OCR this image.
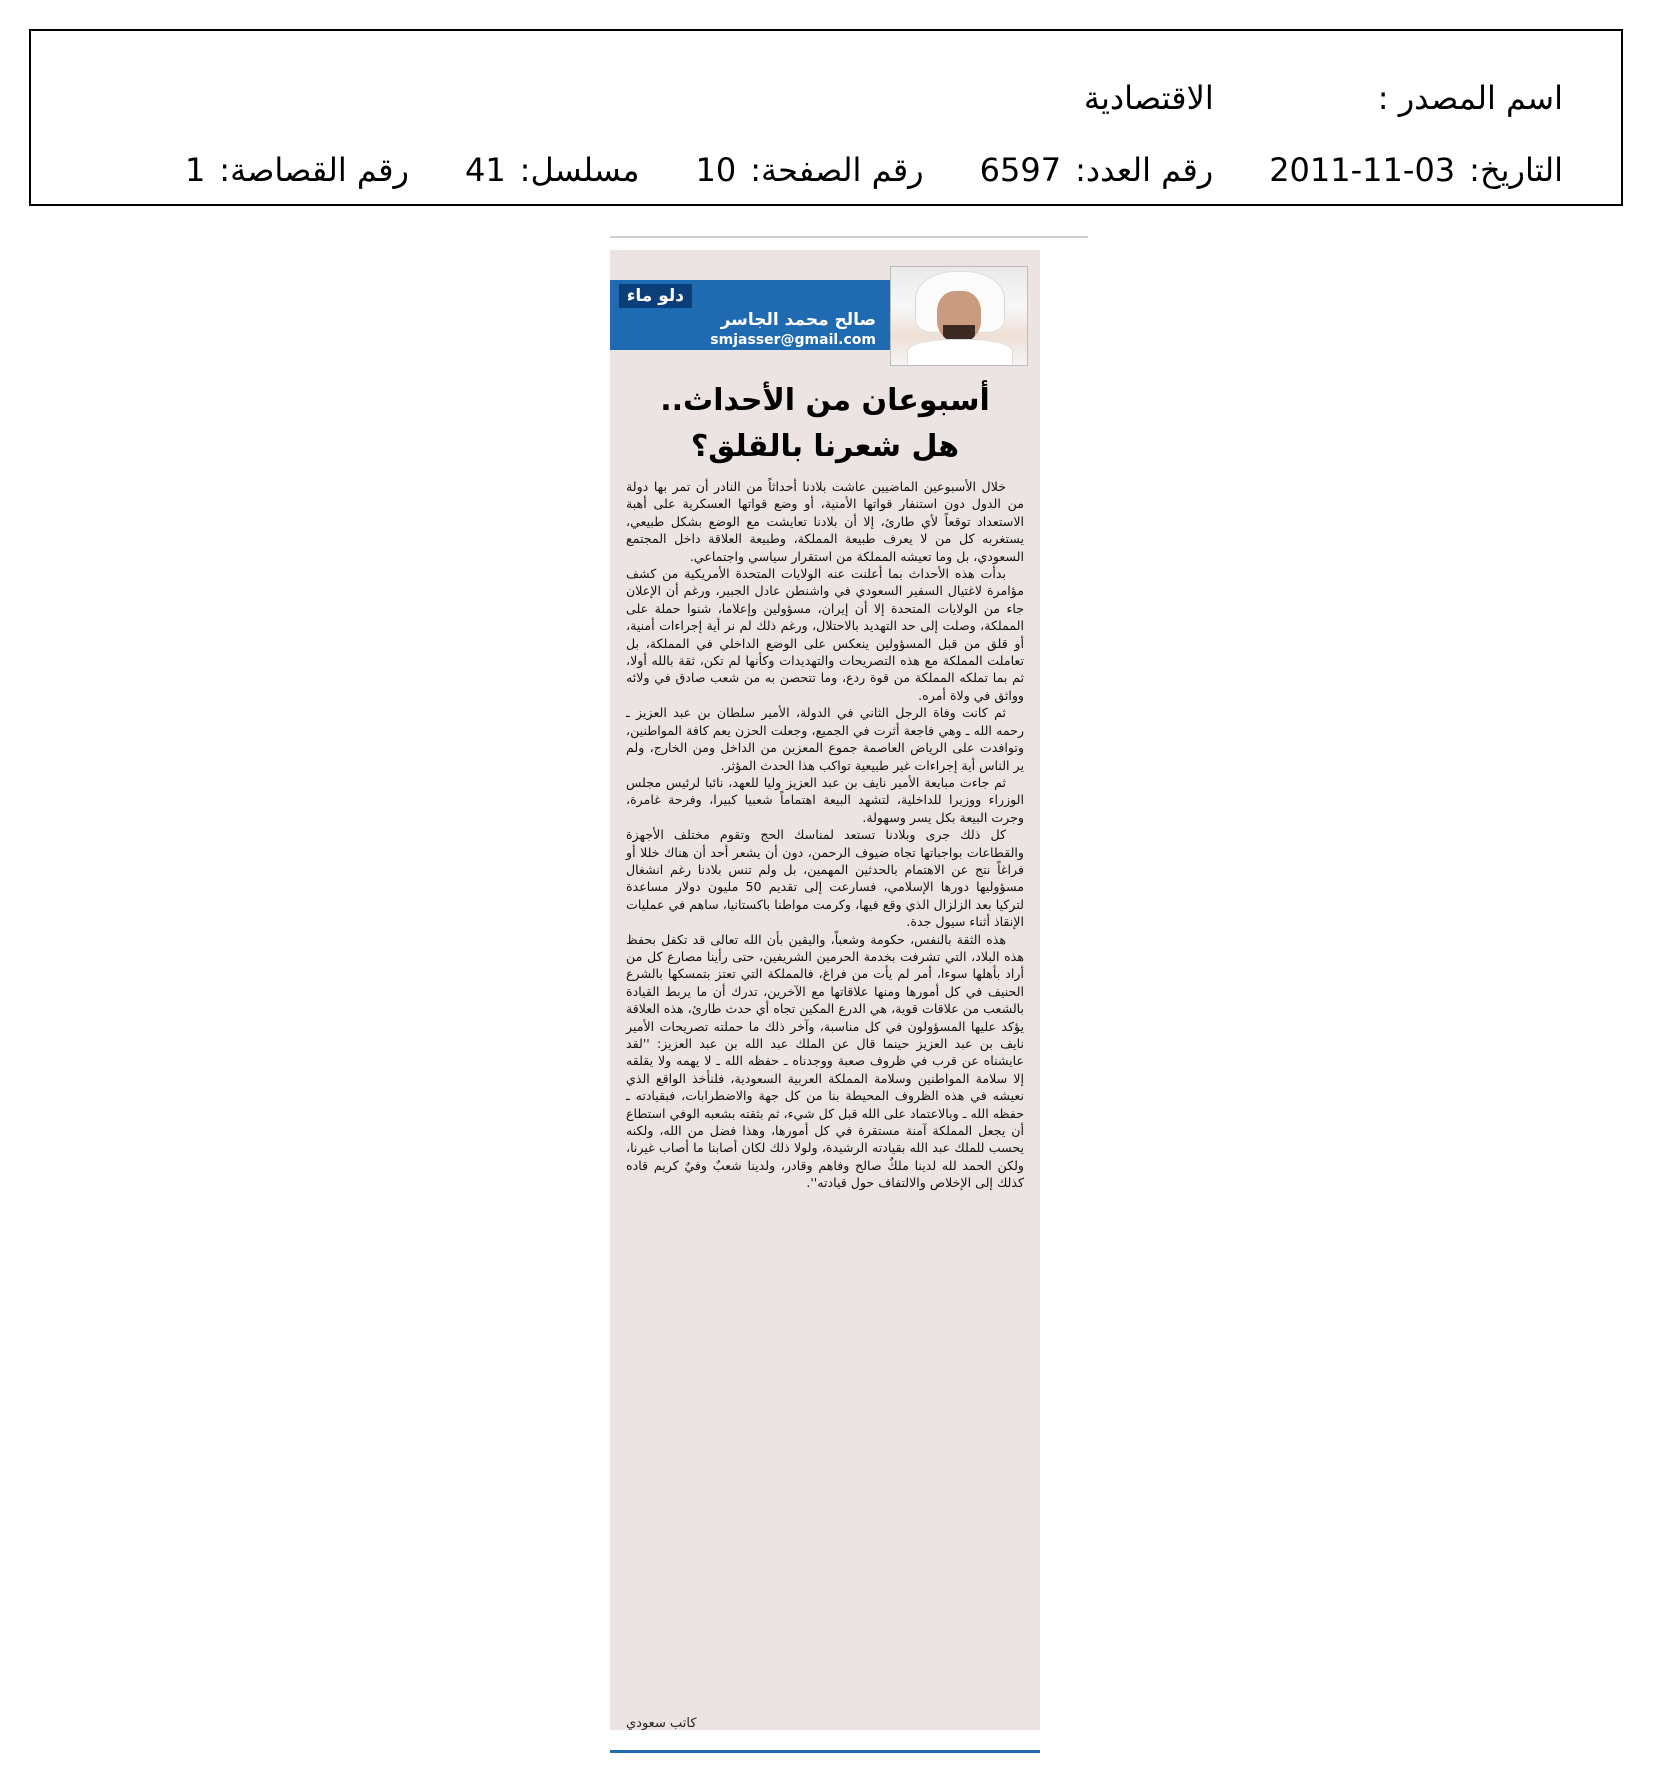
اسم المصدر :
الاقتصادية
التاريخ:
2011-11-03
رقم العدد:
6597
رقم الصفحة:
10
مسلسل:
41
رقم القصاصة:
1
دلو ماء
صالح محمد الجاسر
smjasser@gmail.com
أسبوعان من الأحداث..
هل شعرنا بالقلق؟

خلال الأسبوعين الماضيين عاشت بلادنا أحداثاً من النادر أن تمر بها دولة من الدول دون استنفار قواتها الأمنية، أو وضع قواتها العسكرية على أهبة الاستعداد توقعاً لأي طارئ، إلا أن بلادنا تعايشت مع الوضع بشكل طبيعي، يستغربه كل من لا يعرف طبيعة المملكة، وطبيعة العلاقة داخل المجتمع السعودي، بل وما تعيشه المملكة من استقرار سياسي واجتماعي.

بدأت هذه الأحداث بما أعلنت عنه الولايات المتحدة الأمريكية من كشف مؤامرة لاغتيال السفير السعودي في واشنطن عادل الجبير، ورغم أن الإعلان جاء من الولايات المتحدة إلا أن إيران، مسؤولين وإعلاما، شنوا حملة على المملكة، وصلت إلى حد التهديد بالاحتلال، ورغم ذلك لم نر أية إجراءات أمنية، أو قلق من قبل المسؤولين ينعكس على الوضع الداخلي في المملكة، بل تعاملت المملكة مع هذه التصريحات والتهديدات وكأنها لم تكن، ثقة بالله أولا، ثم بما تملكه المملكة من قوة ردع، وما تتحصن به من شعب صادق في ولائه وواثق في ولاة أمره.

ثم كانت وفاة الرجل الثاني في الدولة، الأمير سلطان بن عبد العزيز ـ رحمه الله ـ وهي فاجعة أثرت في الجميع، وجعلت الحزن يعم كافة المواطنين، وتوافدت على الرياض العاصمة جموع المعزين من الداخل ومن الخارج، ولم ير الناس أية إجراءات غير طبيعية تواكب هذا الحدث المؤثر.

ثم جاءت مبايعة الأمير نايف بن عبد العزيز وليا للعهد، نائبا لرئيس مجلس الوزراء ووزيرا للداخلية، لتشهد البيعة اهتماماً شعبيا كبيرا، وفرحة غامرة، وجرت البيعة بكل يسر وسهولة.

كل ذلك جرى وبلادنا تستعد لمناسك الحج وتقوم مختلف الأجهزة والقطاعات بواجباتها تجاه ضيوف الرحمن، دون أن يشعر أحد أن هناك خللا أو فراغاً نتج عن الاهتمام بالحدثين المهمين، بل ولم تنس بلادنا رغم انشغال مسؤوليها دورها الإسلامي، فسارعت إلى تقديم 50 مليون دولار مساعدة لتركيا بعد الزلزال الذي وقع فيها، وكرمت مواطنا باكستانيا، ساهم في عمليات الإنقاذ أثناء سيول جدة.

هذه الثقة بالنفس، حكومة وشعباً، واليقين بأن الله تعالى قد تكفل بحفظ هذه البلاد، التي تشرفت بخدمة الحرمين الشريفين، حتى رأينا مصارع كل من أراد بأهلها سوءا، أمر لم يأت من فراغ، فالمملكة التي تعتز بتمسكها بالشرع الحنيف في كل أمورها ومنها علاقاتها مع الآخرين، تدرك أن ما يربط القيادة بالشعب من علاقات قوية، هي الدرع المكين تجاه أي حدث طارئ، هذه العلاقة يؤكد عليها المسؤولون في كل مناسبة، وآخر ذلك ما حملته تصريحات الأمير نايف بن عبد العزيز حينما قال عن الملك عبد الله بن عبد العزيز: ''لقد عايشناه عن قرب في ظروف صعبة ووجدناه ـ حفظه الله ـ لا يهمه ولا يقلقه إلا سلامة المواطنين وسلامة المملكة العربية السعودية، فلنأخذ الواقع الذي نعيشه في هذه الظروف المحيطة بنا من كل جهة والاضطرابات، فبقيادته ـ حفظه الله ـ وبالاعتماد على الله قبل كل شيء، ثم بثقته بشعبه الوفي استطاع أن يجعل المملكة آمنة مستقرة في كل أمورها، وهذا فضل من الله، ولكنه يحسب للملك عبد الله بقيادته الرشيدة، ولولا ذلك لكان أصابنا ما أصاب غيرنا، ولكن الحمد لله لدينا ملكٌ صالح وفاهم وقادر، ولدينا شعبٌ وفيٌ كريم قاده كذلك إلى الإخلاص والالتفاف حول قيادته''.

كاتب سعودي
